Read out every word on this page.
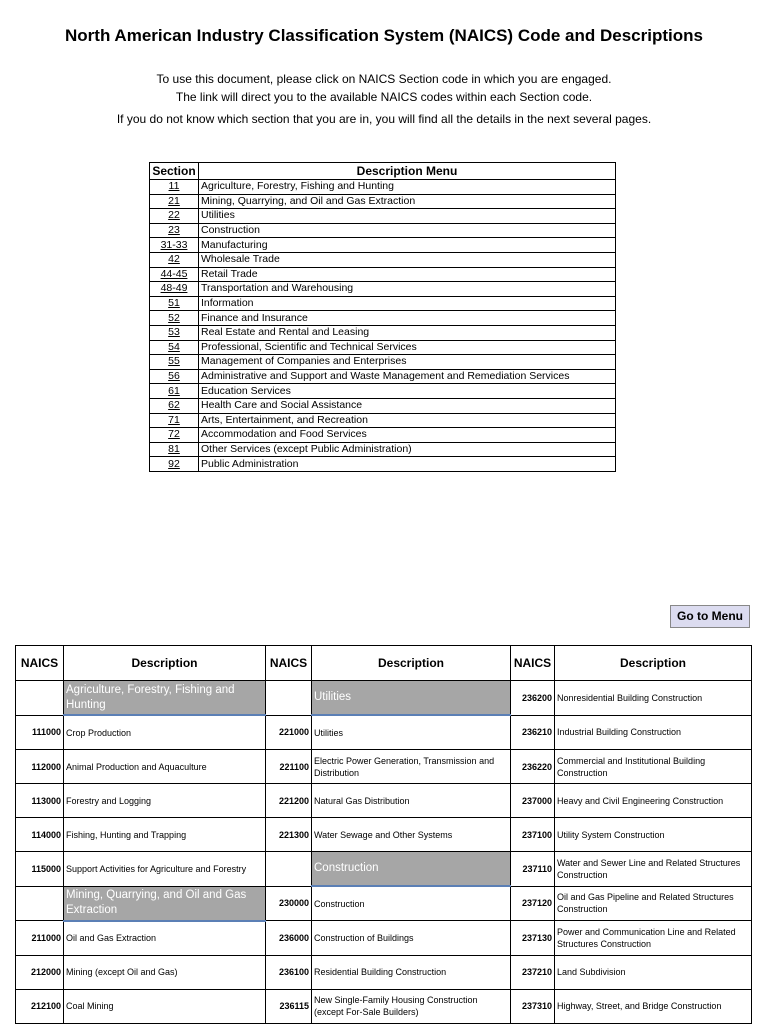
North American Industry Classification System (NAICS) Code and Descriptions
To use this document, please click on NAICS Section code in which you are engaged.
The link will direct you to the available NAICS codes within each Section code.
If you do not know which section that you are in, you will find all the details in the next several pages.
Section	Description Menu
11	Agriculture, Forestry, Fishing and Hunting
21	Mining, Quarrying, and Oil and Gas Extraction
22	Utilities
23	Construction
31-33	Manufacturing
42	Wholesale Trade
44-45	Retail Trade
48-49	Transportation and Warehousing
51	Information
52	Finance and Insurance
53	Real Estate and Rental and Leasing
54	Professional, Scientific and Technical Services
55	Management of Companies and Enterprises
56	Administrative and Support and Waste Management and Remediation Services
61	Education Services
62	Health Care and Social Assistance
71	Arts, Entertainment, and Recreation
72	Accommodation and Food Services
81	Other Services (except Public Administration)
92	Public Administration
Go to Menu
NAICS	Description	NAICS	Description	NAICS	Description
	Agriculture, Forestry, Fishing and Hunting		Utilities	236200	Nonresidential Building Construction
111000	Crop Production	221000	Utilities	236210	Industrial Building Construction
112000	Animal Production and Aquaculture	221100	Electric Power Generation, Transmission and Distribution	236220	Commercial and Institutional Building Construction
113000	Forestry and Logging	221200	Natural Gas Distribution	237000	Heavy and Civil Engineering Construction
114000	Fishing, Hunting and Trapping	221300	Water Sewage and Other Systems	237100	Utility System Construction
115000	Support Activities for Agriculture and Forestry		Construction	237110	Water and Sewer Line and Related Structures Construction
	Mining, Quarrying, and Oil and Gas Extraction	230000	Construction	237120	Oil and Gas Pipeline and Related Structures Construction
211000	Oil and Gas Extraction	236000	Construction of Buildings	237130	Power and Communication Line and Related Structures Construction
212000	Mining (except Oil and Gas)	236100	Residential Building Construction	237210	Land Subdivision
212100	Coal Mining	236115	New Single-Family Housing Construction (except For-Sale Builders)	237310	Highway, Street, and Bridge Construction
